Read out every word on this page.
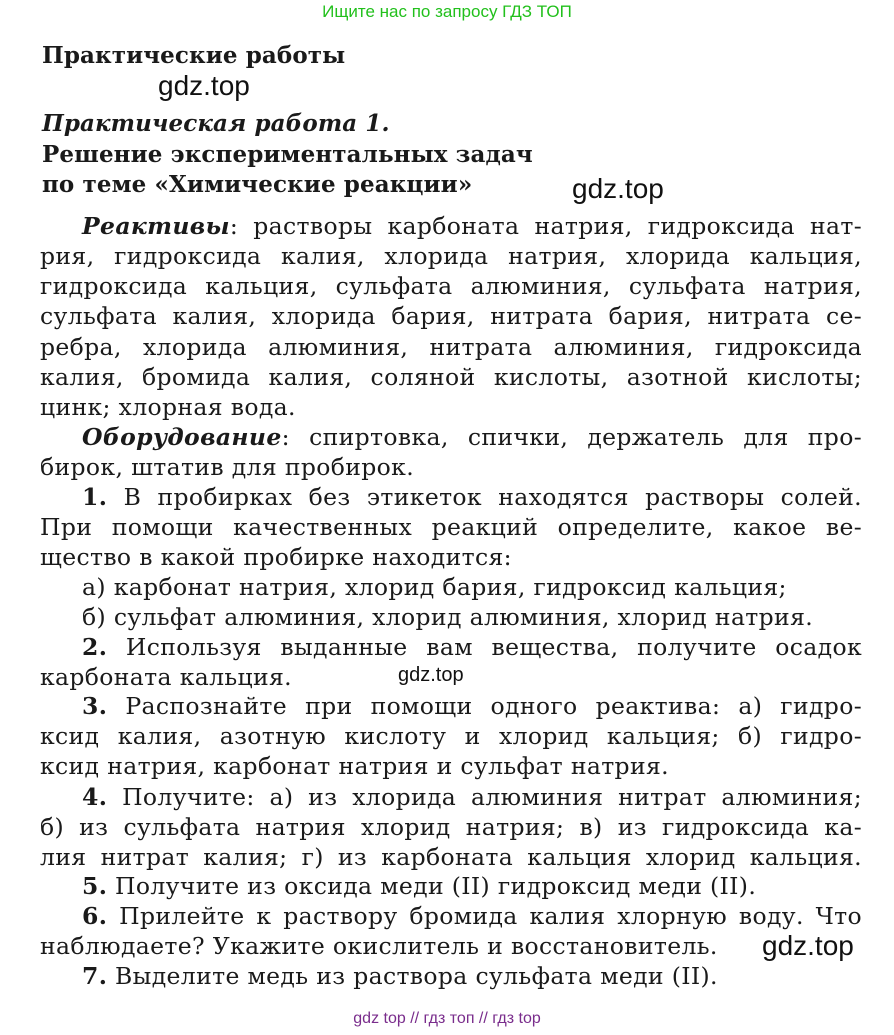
Ищите нас по запросу ГДЗ ТОП
Практические работы
Практическая работа 1.
Решение экспериментальных задач
по теме «Химические реакции»
Реактивы: растворы карбоната натрия, гидроксида нат-
рия, гидроксида калия, хлорида натрия, хлорида кальция,
гидроксида кальция, сульфата алюминия, сульфата натрия,
сульфата калия, хлорида бария, нитрата бария, нитрата се-
ребра, хлорида алюминия, нитрата алюминия, гидроксида
калия, бромида калия, соляной кислоты, азотной кислоты;
цинк; хлорная вода.
Оборудование: спиртовка, спички, держатель для про-
бирок, штатив для пробирок.
1. В пробирках без этикеток находятся растворы солей.
При помощи качественных реакций определите, какое ве-
щество в какой пробирке находится:
а) карбонат натрия, хлорид бария, гидроксид кальция;
б) сульфат алюминия, хлорид алюминия, хлорид натрия.
2. Используя выданные вам вещества, получите осадок
карбоната кальция.
3. Распознайте при помощи одного реактива: а) гидро-
ксид калия, азотную кислоту и хлорид кальция; б) гидро-
ксид натрия, карбонат натрия и сульфат натрия.
4. Получите: а) из хлорида алюминия нитрат алюминия;
б) из сульфата натрия хлорид натрия; в) из гидроксида ка-
лия нитрат калия; г) из карбоната кальция хлорид кальция.
5. Получите из оксида меди (II) гидроксид меди (II).
6. Прилейте к раствору бромида калия хлорную воду. Что
наблюдаете? Укажите окислитель и восстановитель.
7. Выделите медь из раствора сульфата меди (II).
gdz.top
gdz.top
gdz.top
gdz.top
gdz top // гдз топ // гдз top
